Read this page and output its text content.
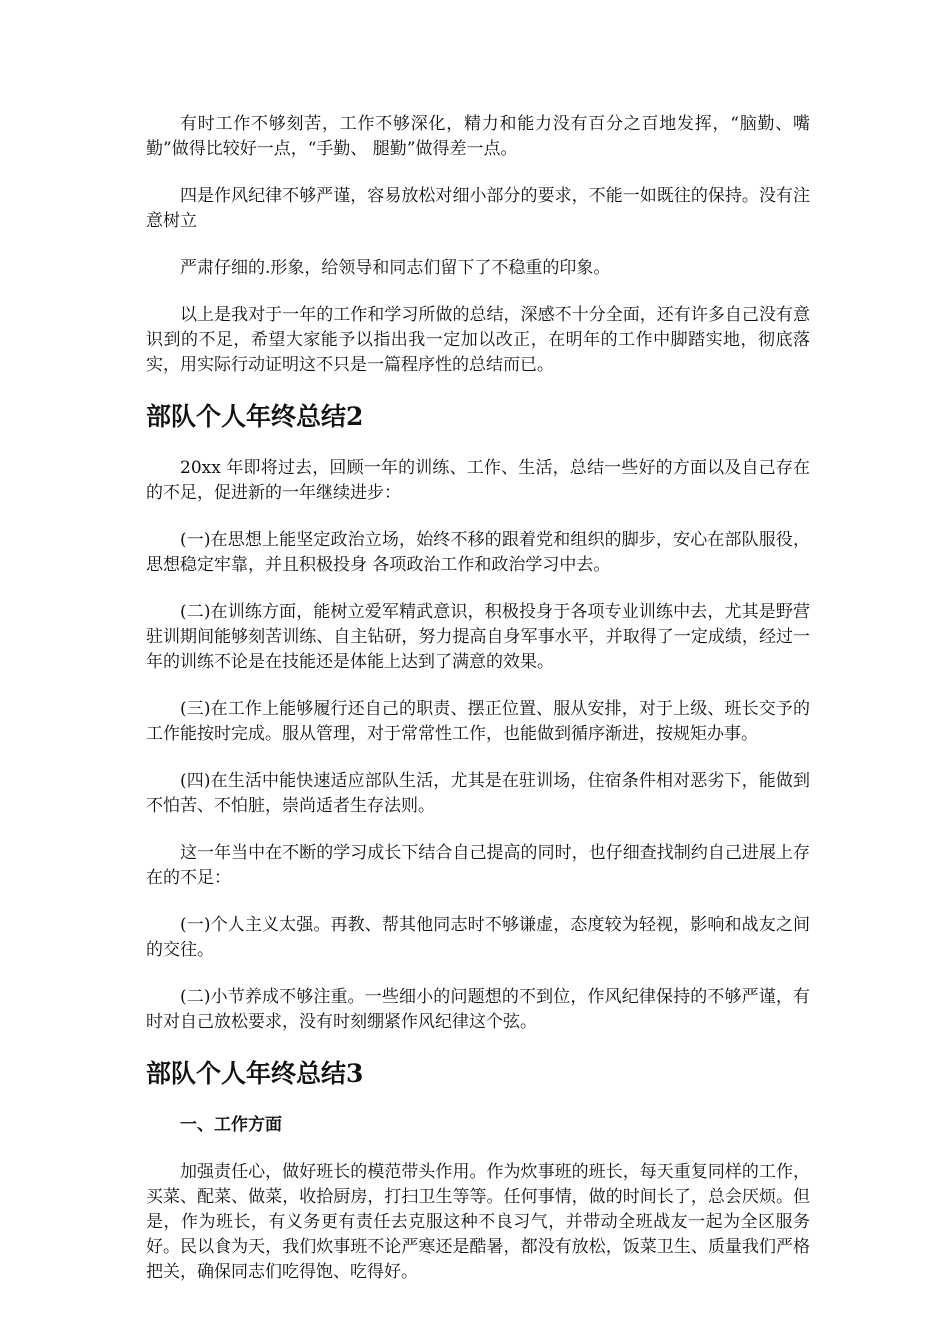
有时工作不够刻苦，工作不够深化，精力和能力没有百分之百地发挥，“脑勤、嘴勤”做得比较好一点，“手勤、 腿勤”做得差一点。

四是作风纪律不够严谨，容易放松对细小部分的要求，不能一如既往的保持。没有注意树立

严肃仔细的.形象，给领导和同志们留下了不稳重的印象。

以上是我对于一年的工作和学习所做的总结，深感不十分全面，还有许多自己没有意识到的不足，希望大家能予以指出我一定加以改正，在明年的工作中脚踏实地，彻底落实，用实际行动证明这不只是一篇程序性的总结而已。

部队个人年终总结2

20xx 年即将过去，回顾一年的训练、工作、生活，总结一些好的方面以及自己存在的不足，促进新的一年继续进步：

(一)在思想上能坚定政治立场，始终不移的跟着党和组织的脚步，安心在部队服役，思想稳定牢靠，并且积极投身 各项政治工作和政治学习中去。

(二)在训练方面，能树立爱军精武意识，积极投身于各项专业训练中去，尤其是野营驻训期间能够刻苦训练、自主钻研，努力提高自身军事水平，并取得了一定成绩，经过一年的训练不论是在技能还是体能上达到了满意的效果。

(三)在工作上能够履行还自己的职责、摆正位置、服从安排，对于上级、班长交予的工作能按时完成。服从管理，对于常常性工作，也能做到循序渐进，按规矩办事。

(四)在生活中能快速适应部队生活，尤其是在驻训场，住宿条件相对恶劣下，能做到不怕苦、不怕脏，崇尚适者生存法则。

这一年当中在不断的学习成长下结合自己提高的同时，也仔细查找制约自己进展上存在的不足：

(一)个人主义太强。再教、帮其他同志时不够谦虚，态度较为轻视，影响和战友之间的交往。

(二)小节养成不够注重。一些细小的问题想的不到位，作风纪律保持的不够严谨，有时对自己放松要求，没有时刻绷紧作风纪律这个弦。

部队个人年终总结3
一、工作方面

加强责任心，做好班长的模范带头作用。作为炊事班的班长，每天重复同样的工作，买菜、配菜、做菜，收拾厨房，打扫卫生等等。任何事情，做的时间长了，总会厌烦。但是，作为班长，有义务更有责任去克服这种不良习气，并带动全班战友一起为全区服务好。民以食为天，我们炊事班不论严寒还是酷暑，都没有放松，饭菜卫生、质量我们严格把关，确保同志们吃得饱、吃得好。
